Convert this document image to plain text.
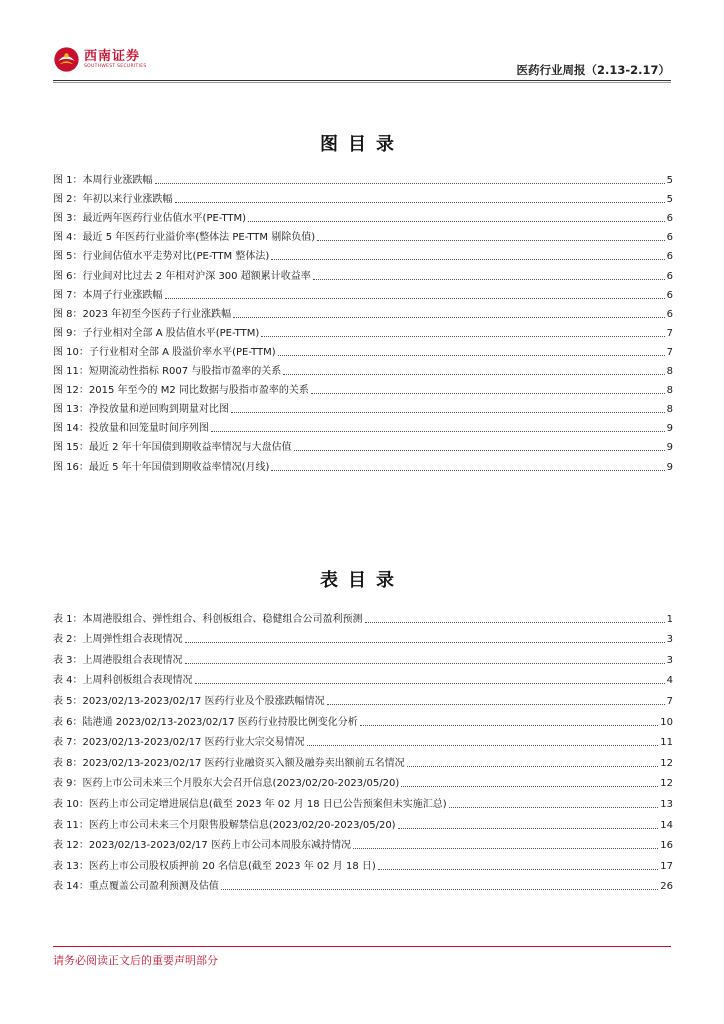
西南证券
SOUTHWEST SECURITIES	医药行业周报（2.13-2.17）
图目录
图 1：本周行业涨跌幅	5
图 2：年初以来行业涨跌幅	5
图 3：最近两年医药行业估值水平(PE-TTM)	6
图 4：最近 5 年医药行业溢价率(整体法 PE-TTM 剔除负值)	6
图 5：行业间估值水平走势对比(PE-TTM 整体法)	6
图 6：行业间对比过去 2 年相对沪深 300 超额累计收益率	6
图 7：本周子行业涨跌幅	6
图 8：2023 年初至今医药子行业涨跌幅	6
图 9：子行业相对全部 A 股估值水平(PE-TTM)	7
图 10：子行业相对全部 A 股溢价率水平(PE-TTM)	7
图 11：短期流动性指标 R007 与股指市盈率的关系	8
图 12：2015 年至今的 M2 同比数据与股指市盈率的关系	8
图 13：净投放量和逆回购到期量对比图	8
图 14：投放量和回笼量时间序列图	9
图 15：最近 2 年十年国债到期收益率情况与大盘估值	9
图 16：最近 5 年十年国债到期收益率情况(月线)	9
表目录
表 1：本周港股组合、弹性组合、科创板组合、稳健组合公司盈利预测	1
表 2：上周弹性组合表现情况	3
表 3：上周港股组合表现情况	3
表 4：上周科创板组合表现情况	4
表 5：2023/02/13-2023/02/17 医药行业及个股涨跌幅情况	7
表 6：陆港通 2023/02/13-2023/02/17 医药行业持股比例变化分析	10
表 7：2023/02/13-2023/02/17 医药行业大宗交易情况	11
表 8：2023/02/13-2023/02/17 医药行业融资买入额及融券卖出额前五名情况	12
表 9：医药上市公司未来三个月股东大会召开信息(2023/02/20-2023/05/20)	12
表 10：医药上市公司定增进展信息(截至 2023 年 02 月 18 日已公告预案但未实施汇总)	13
表 11：医药上市公司未来三个月限售股解禁信息(2023/02/20-2023/05/20)	14
表 12：2023/02/13-2023/02/17 医药上市公司本周股东减持情况	16
表 13：医药上市公司股权质押前 20 名信息(截至 2023 年 02 月 18 日)	17
表 14：重点覆盖公司盈利预测及估值	26
请务必阅读正文后的重要声明部分
